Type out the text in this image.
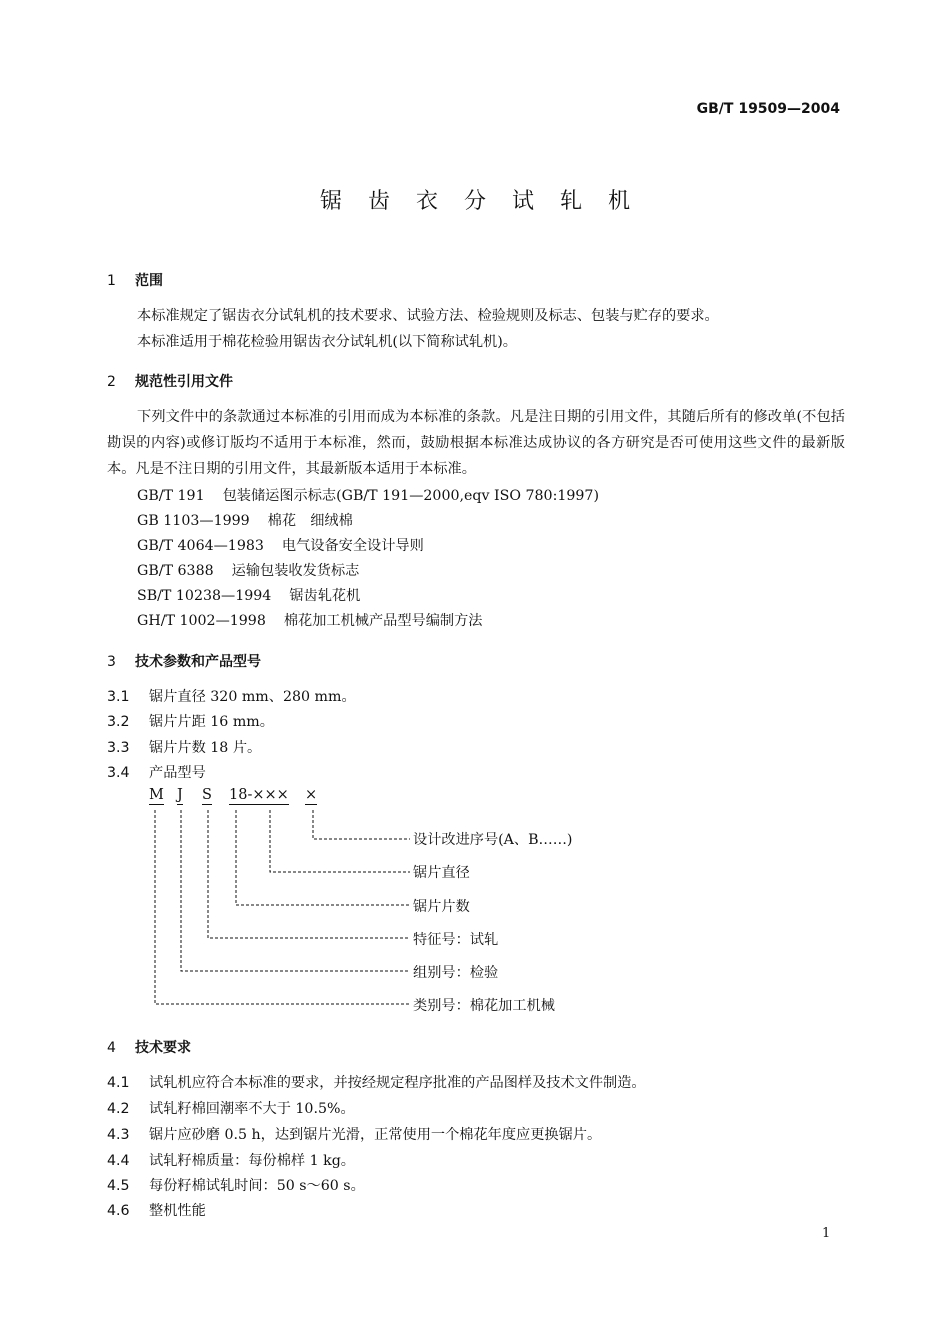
GB/T 19509—2004
锯齿衣分试轧机
1 范围
本标准规定了锯齿衣分试轧机的技术要求、试验方法、检验规则及标志、包装与贮存的要求。
本标准适用于棉花检验用锯齿衣分试轧机(以下简称试轧机)。
2 规范性引用文件
下列文件中的条款通过本标准的引用而成为本标准的条款。凡是注日期的引用文件，其随后所有的修改单(不包括勘误的内容)或修订版均不适用于本标准，然而，鼓励根据本标准达成协议的各方研究是否可使用这些文件的最新版本。凡是不注日期的引用文件，其最新版本适用于本标准。
GB/T 191 包装储运图示标志(GB/T 191—2000,eqv ISO 780:1997)
GB 1103—1999 棉花　细绒棉
GB/T 4064—1983 电气设备安全设计导则
GB/T 6388 运输包装收发货标志
SB/T 10238—1994 锯齿轧花机
GH/T 1002—1998 棉花加工机械产品型号编制方法
3 技术参数和产品型号
3.1 锯片直径 320 mm、280 mm。
3.2 锯片片距 16 mm。
3.3 锯片片数 18 片。
3.4 产品型号
M J S 18-××× ×
设计改进序号(A、B……)
锯片直径
锯片片数
特征号：试轧
组别号：检验
类别号：棉花加工机械
4 技术要求
4.1 试轧机应符合本标准的要求，并按经规定程序批准的产品图样及技术文件制造。
4.2 试轧籽棉回潮率不大于 10.5%。
4.3 锯片应砂磨 0.5 h，达到锯片光滑，正常使用一个棉花年度应更换锯片。
4.4 试轧籽棉质量：每份棉样 1 kg。
4.5 每份籽棉试轧时间：50 s～60 s。
4.6 整机性能
1
